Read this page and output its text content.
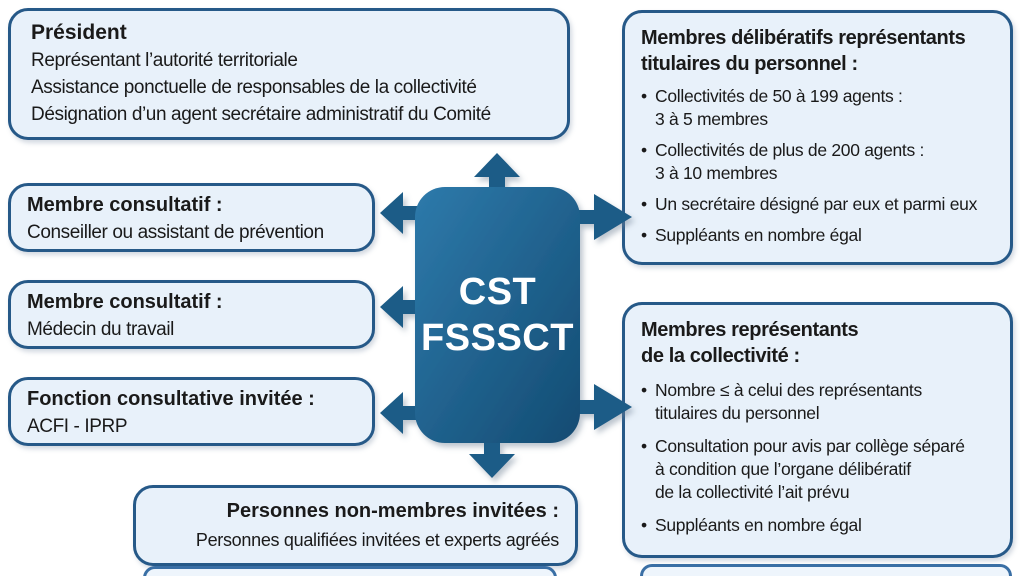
Président
Représentant l’autorité territoriale
Assistance ponctuelle de responsables de la collectivité
Désignation d’un agent secrétaire administratif du Comité
Membre consultatif :
Conseiller ou assistant de prévention
Membre consultatif :
Médecin du travail
Fonction consultative invitée :
ACFI - IPRP
Personnes non-membres invitées :
Personnes qualifiées invitées et experts agréés
Membres délibératifs représentants
titulaires du personnel :
• Collectivités de 50 à 199 agents :
3 à 5 membres
• Collectivités de plus de 200 agents :
3 à 10 membres
• Un secrétaire désigné par eux et parmi eux
• Suppléants en nombre égal
Membres représentants
de la collectivité :
• Nombre ≤ à celui des représentants
titulaires du personnel
• Consultation pour avis par collège séparé
à condition que l’organe délibératif
de la collectivité l’ait prévu
• Suppléants en nombre égal
CST
FSSSCT
